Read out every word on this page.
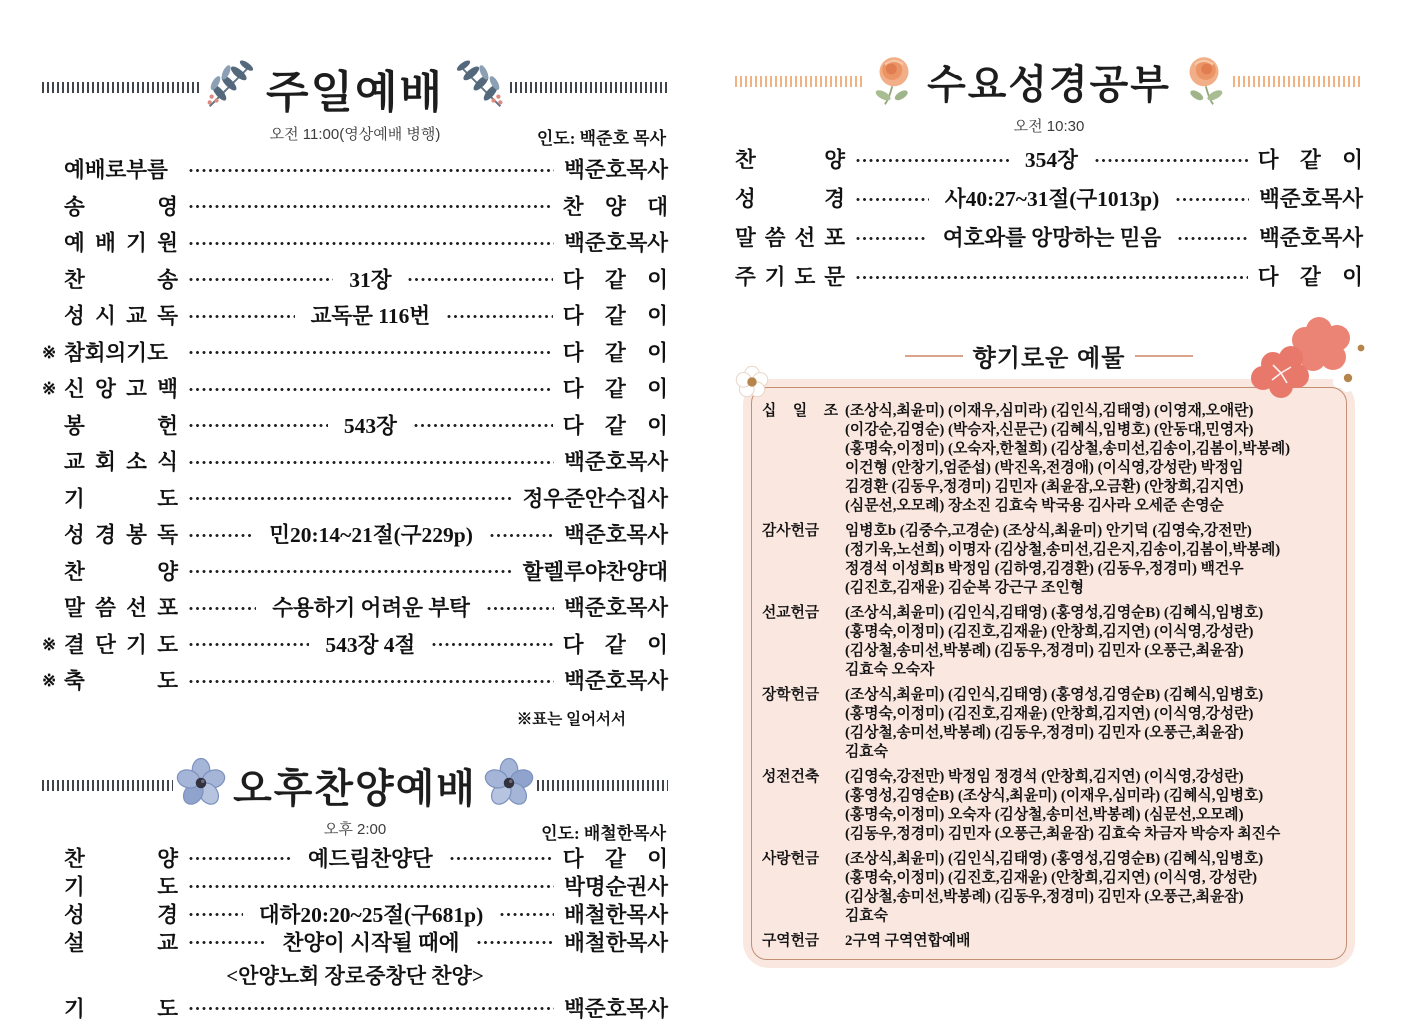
주일예배
오전 11:00(영상예배 병행)	인도: 백준호 목사
예배로부름	백준호목사
송 영	찬　양　대
예 배 기 원	백준호목사
찬 송	31장	다　같　이
성 시 교 독	교독문 116번	다　같　이
※ 참회의기도	다　같　이
※ 신 앙 고 백	다　같　이
봉 헌	543장	다　같　이
교 회 소 식	백준호목사
기 도	정우준안수집사
성 경 봉 독	민20:14~21절(구229p)	백준호목사
찬 양	할렐루야찬양대
말 씀 선 포	수용하기 어려운 부탁	백준호목사
※ 결 단 기 도	543장 4절	다　같　이
※ 축 도	백준호목사
※표는 일어서서
오후찬양예배
오후 2:00	인도: 배철한목사
찬 양	예드림찬양단	다　같　이
기 도	박명순권사
성 경	대하20:20~25절(구681p)	배철한목사
설 교	찬양이 시작될 때에	배철한목사
<안양노회 장로중창단 찬양>
기 도	백준호목사
수요성경공부
오전 10:30
찬 양	354장	다　같　이
성 경	사40:27~31절(구1013p)	백준호목사
말 씀 선 포	여호와를 앙망하는 믿음	백준호목사
주 기 도 문	다　같　이
향기로운 예물
십 일 조 (조상식,최윤미) (이재우,심미라) (김인식,김태영) (이영재,오애란)
(이강순,김영순) (박승자,신문근) (김혜식,임병호) (안동대,민영자)
(홍명숙,이정미) (오숙자,한철희) (김상철,송미선,김송이,김봄이,박봉례)
이건형 (안창기,엄준섭) (박진옥,전경애) (이식영,강성란) 박정임
김경환 (김동우,정경미) 김민자 (최윤잠,오금환) (안창희,김지연)
(심문선,오모례) 장소진 김효숙 박국용 김사라 오세준 손영순
감사헌금	임병호b (김중수,고경순) (조상식,최윤미) 안기덕 (김영숙,강전만)
(정기욱,노선희) 이명자 (김상철,송미선,김은지,김송이,김봄이,박봉례)
정경석 이성희B 박정임 (김하영,김경환) (김동우,정경미) 백건우
(김진호,김재윤) 김순복 강근구 조인형
선교헌금	(조상식,최윤미) (김인식,김태영) (홍영성,김영순B) (김혜식,임병호)
(홍명숙,이정미) (김진호,김재윤) (안창희,김지연) (이식영,강성란)
(김상철,송미선,박봉례) (김동우,정경미) 김민자 (오풍근,최윤잠)
김효숙 오숙자
장학헌금	(조상식,최윤미) (김인식,김태영) (홍영성,김영순B) (김혜식,임병호)
(홍명숙,이정미) (김진호,김재윤) (안창희,김지연) (이식영,강성란)
(김상철,송미선,박봉례) (김동우,정경미) 김민자 (오풍근,최윤잠)
김효숙
성전건축	(김영숙,강전만) 박정임 정경석 (안창희,김지연) (이식영,강성란)
(홍영성,김영순B) (조상식,최윤미) (이재우,심미라) (김혜식,임병호)
(홍명숙,이정미) 오숙자 (김상철,송미선,박봉례) (심문선,오모례)
(김동우,정경미) 김민자 (오풍근,최윤잠) 김효숙 차금자 박승자 최진수
사랑헌금	(조상식,최윤미) (김인식,김태영) (홍영성,김영순B) (김혜식,임병호)
(홍명숙,이정미) (김진호,김재윤) (안창희,김지연) (이식영, 강성란)
(김상철,송미선,박봉례) (김동우,정경미) 김민자 (오풍근,최윤잠)
김효숙
구역헌금	2구역 구역연합예배
